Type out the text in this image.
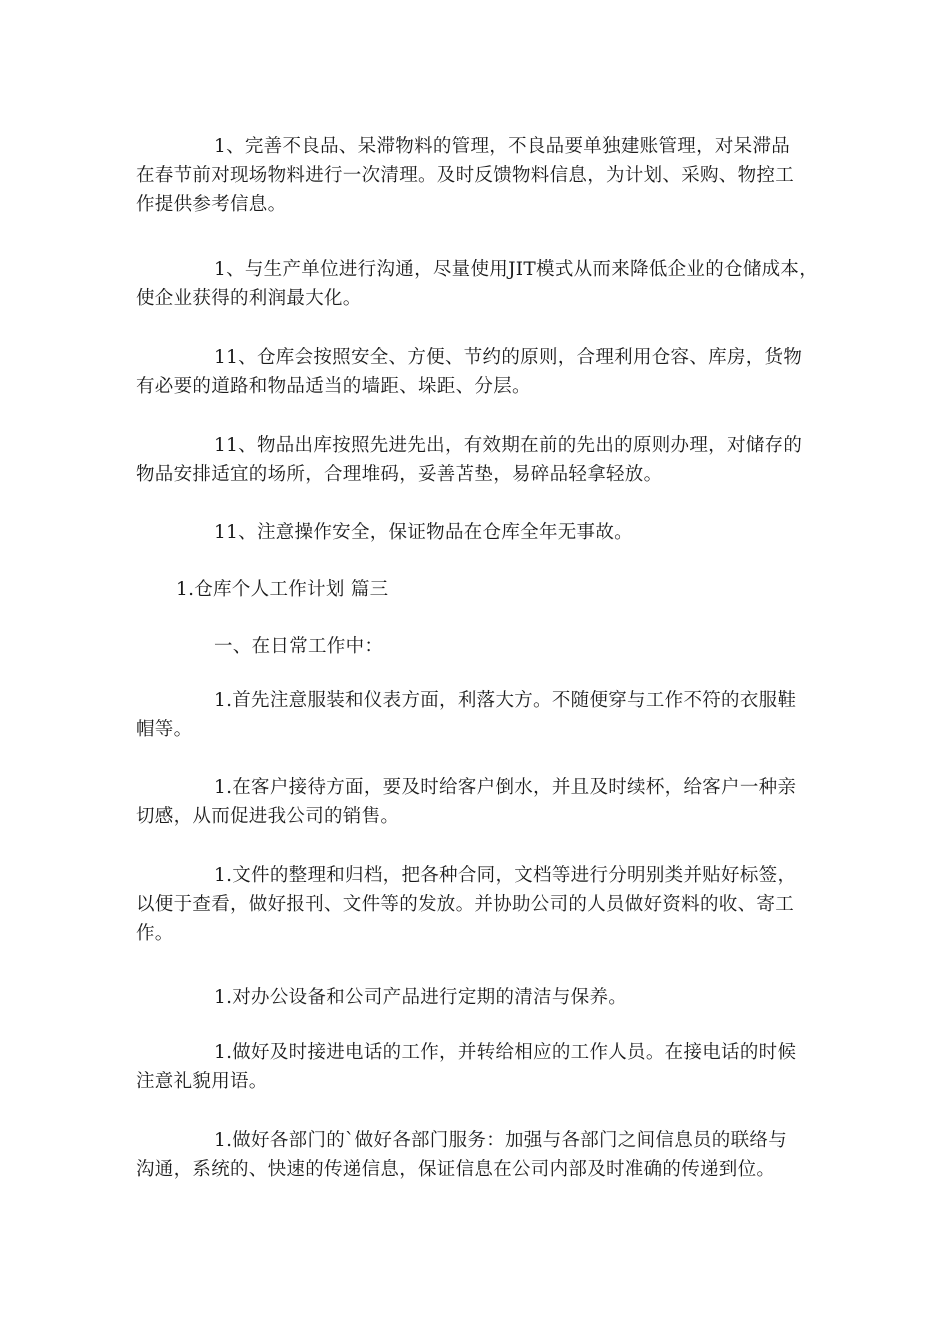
1、完善不良品、呆滞物料的管理，不良品要单独建账管理，对呆滞品
在春节前对现场物料进行一次清理。及时反馈物料信息，为计划、采购、物控工
作提供参考信息。
1、与生产单位进行沟通，尽量使用JIT模式从而来降低企业的仓储成本，
使企业获得的利润最大化。
11、仓库会按照安全、方便、节约的原则，合理利用仓容、库房，货物
有必要的道路和物品适当的墙距、垛距、分层。
11、物品出库按照先进先出，有效期在前的先出的原则办理，对储存的
物品安排适宜的场所，合理堆码，妥善苫垫，易碎品轻拿轻放。
11、注意操作安全，保证物品在仓库全年无事故。
1.仓库个人工作计划 篇三
一、在日常工作中：
1.首先注意服装和仪表方面，利落大方。不随便穿与工作不符的衣服鞋
帽等。
1.在客户接待方面，要及时给客户倒水，并且及时续杯，给客户一种亲
切感，从而促进我公司的销售。
1.文件的整理和归档，把各种合同，文档等进行分明别类并贴好标签，
以便于查看，做好报刊、文件等的发放。并协助公司的人员做好资料的收、寄工
作。
1.对办公设备和公司产品进行定期的清洁与保养。
1.做好及时接进电话的工作，并转给相应的工作人员。在接电话的时候
注意礼貌用语。
1.做好各部门的`做好各部门服务：加强与各部门之间信息员的联络与
沟通，系统的、快速的传递信息，保证信息在公司内部及时准确的传递到位。
